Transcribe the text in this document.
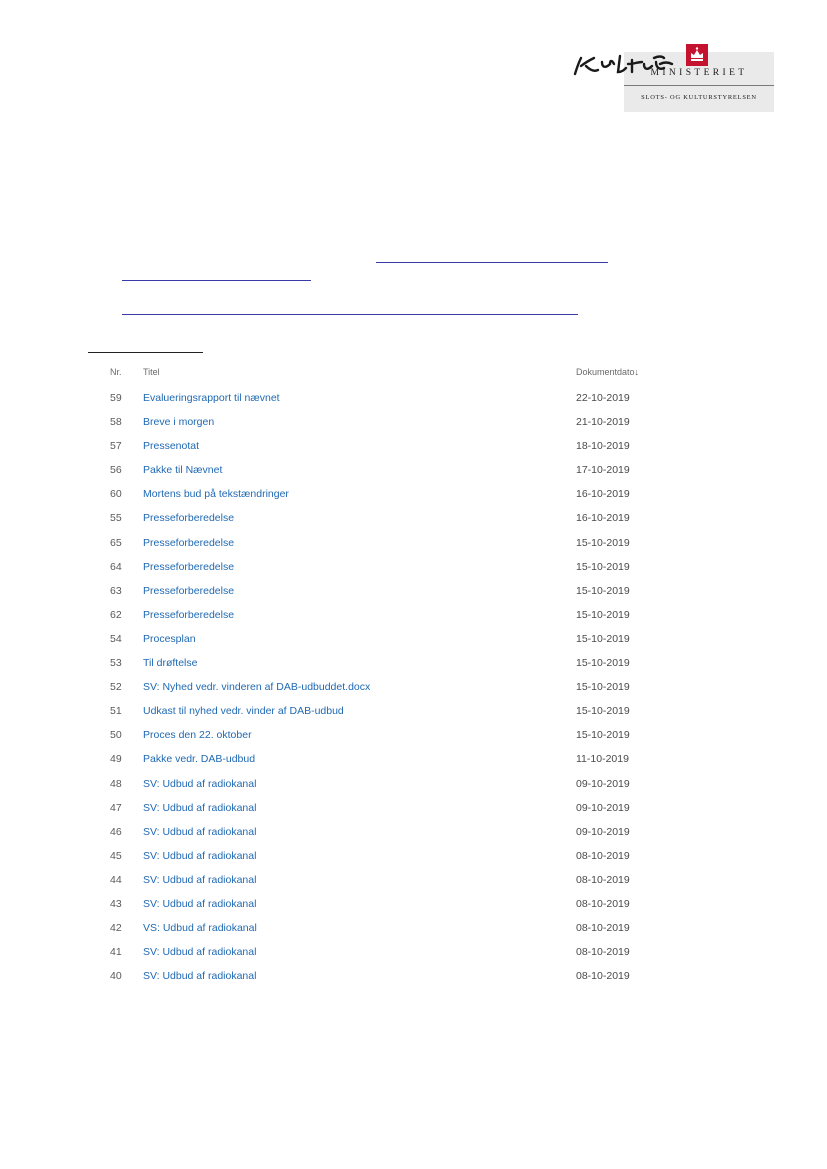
MINISTERIET
SLOTS- OG KULTURSTYRELSEN
Nr.	Titel	Dokumentdato↓
59	Evalueringsrapport til nævnet	22-10-2019
58	Breve i morgen	21-10-2019
57	Pressenotat	18-10-2019
56	Pakke til Nævnet	17-10-2019
60	Mortens bud på tekstændringer	16-10-2019
55	Presseforberedelse	16-10-2019
65	Presseforberedelse	15-10-2019
64	Presseforberedelse	15-10-2019
63	Presseforberedelse	15-10-2019
62	Presseforberedelse	15-10-2019
54	Procesplan	15-10-2019
53	Til drøftelse	15-10-2019
52	SV: Nyhed vedr. vinderen af DAB-udbuddet.docx	15-10-2019
51	Udkast til nyhed vedr. vinder af DAB-udbud	15-10-2019
50	Proces den 22. oktober	15-10-2019
49	Pakke vedr. DAB-udbud	11-10-2019
48	SV: Udbud af radiokanal	09-10-2019
47	SV: Udbud af radiokanal	09-10-2019
46	SV: Udbud af radiokanal	09-10-2019
45	SV: Udbud af radiokanal	08-10-2019
44	SV: Udbud af radiokanal	08-10-2019
43	SV: Udbud af radiokanal	08-10-2019
42	VS: Udbud af radiokanal	08-10-2019
41	SV: Udbud af radiokanal	08-10-2019
40	SV: Udbud af radiokanal	08-10-2019
